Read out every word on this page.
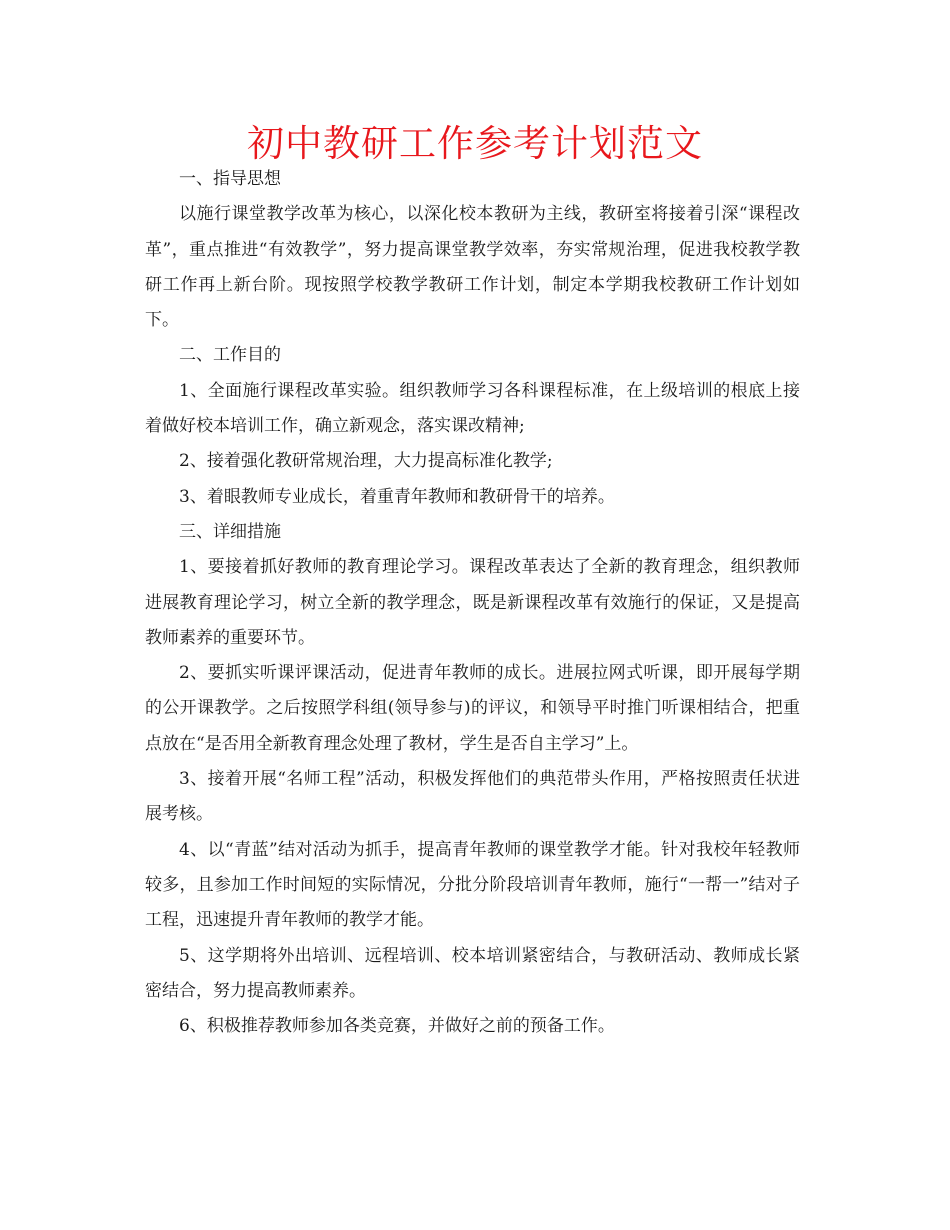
初中教研工作参考计划范文

一、指导思想

以施行课堂教学改革为核心，以深化校本教研为主线，教研室将接着引深“课程改革”，重点推进“有效教学”，努力提高课堂教学效率，夯实常规治理，促进我校教学教研工作再上新台阶。现按照学校教学教研工作计划，制定本学期我校教研工作计划如下。

二、工作目的

1、全面施行课程改革实验。组织教师学习各科课程标准，在上级培训的根底上接着做好校本培训工作，确立新观念，落实课改精神;

2、接着强化教研常规治理，大力提高标准化教学;

3、着眼教师专业成长，着重青年教师和教研骨干的培养。

三、详细措施

1、要接着抓好教师的教育理论学习。课程改革表达了全新的教育理念，组织教师进展教育理论学习，树立全新的教学理念，既是新课程改革有效施行的保证，又是提高教师素养的重要环节。

2、要抓实听课评课活动，促进青年教师的成长。进展拉网式听课，即开展每学期的公开课教学。之后按照学科组(领导参与)的评议，和领导平时推门听课相结合，把重点放在“是否用全新教育理念处理了教材，学生是否自主学习”上。

3、接着开展“名师工程”活动，积极发挥他们的典范带头作用，严格按照责任状进展考核。

4、以“青蓝”结对活动为抓手，提高青年教师的课堂教学才能。针对我校年轻教师较多，且参加工作时间短的实际情况，分批分阶段培训青年教师，施行“一帮一”结对子工程，迅速提升青年教师的教学才能。

5、这学期将外出培训、远程培训、校本培训紧密结合，与教研活动、教师成长紧密结合，努力提高教师素养。

6、积极推荐教师参加各类竞赛，并做好之前的预备工作。
